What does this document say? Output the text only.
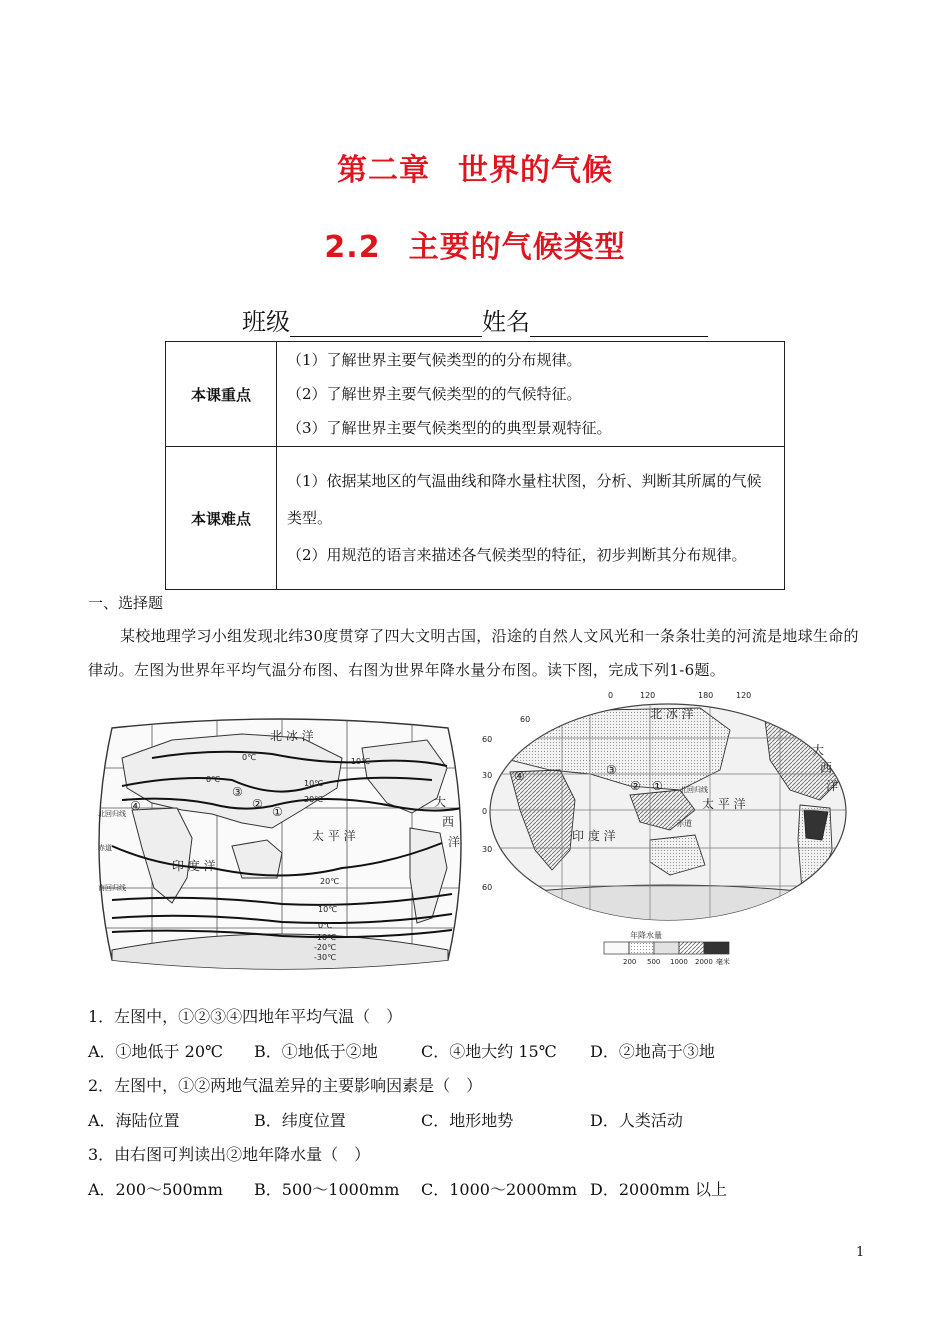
第二章 世界的气候
2.2 主要的气候类型
班级	姓名
本课重点	（1）了解世界主要气候类型的的分布规律。
（2）了解世界主要气候类型的的气候特征。
（3）了解世界主要气候类型的的典型景观特征。

本课难点	（1）依据某地区的气温曲线和降水量柱状图，分析、判断其所属的气候类型。
（2）用规范的语言来描述各气候类型的特征，初步判断其分布规律。
一、选择题
某校地理学习小组发现北纬30度贯穿了四大文明古国，沿途的自然人文风光和一条条壮美的河流是地球生命的律动。左图为世界年平均气温分布图、右图为世界年降水量分布图。读下图，完成下列1-6题。
北 冰 洋
太 平 洋
印 度 洋
大
西
洋
赤道
北回归线
南回归线
0℃
0℃
10℃
20℃
-10℃
20℃
10℃
0℃
-10℃
-20℃
-30℃
①
②
③
④
北 冰 洋
太 平 洋
印 度 洋
大
西
洋
赤道
北回归线
60
0	120	180	120
60
30
0
30
60
①
②
③
④
年降水量
200 500 1000 2000 毫米
1．左图中，①②③④四地年平均气温（　）
A．①地低于 20℃ B．①地低于②地	C．④地大约 15℃ D．②地高于③地
2．左图中，①②两地气温差异的主要影响因素是（　）
A．海陆位置	B．纬度位置	C．地形地势	D．人类活动
3．由右图可判读出②地年降水量（　）
A．200～500mm B．500～1000mm C．1000～2000mm D．2000mm 以上
1
